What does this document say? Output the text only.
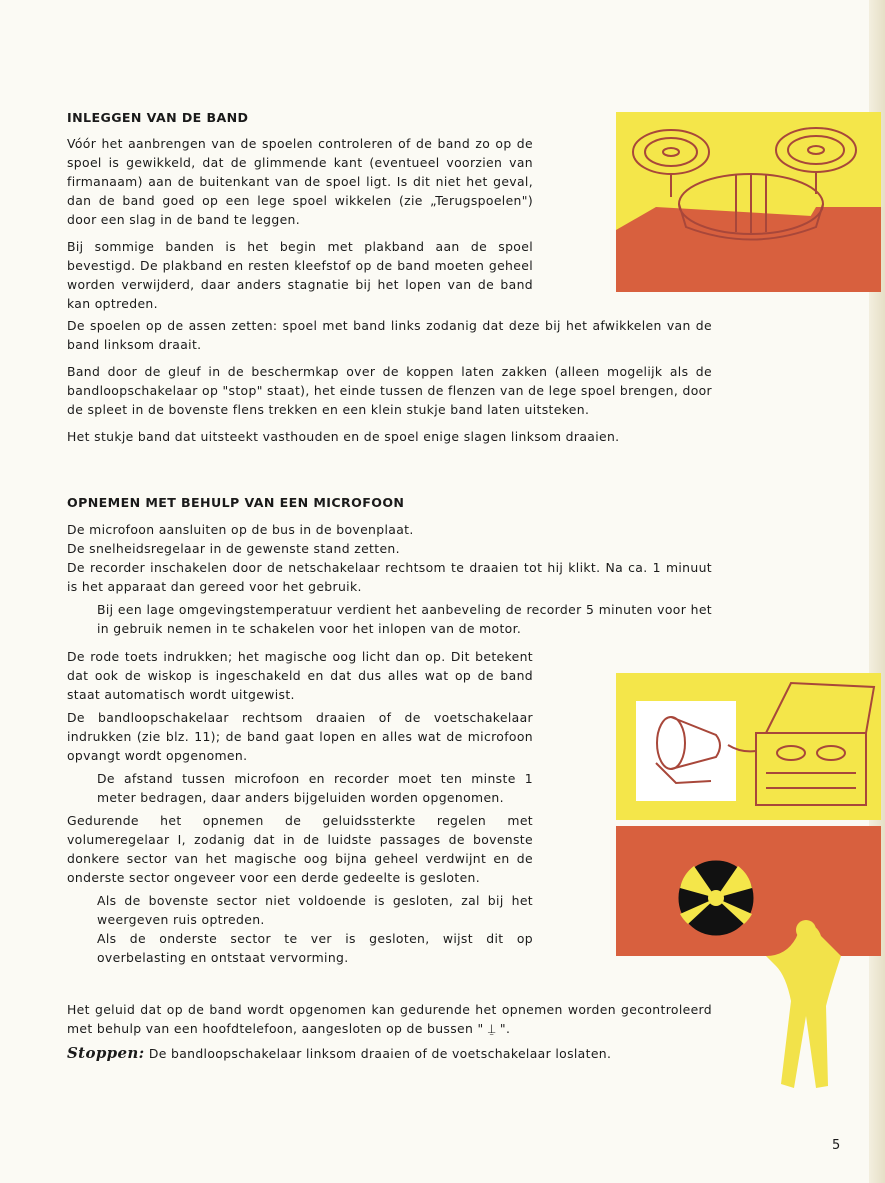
INLEGGEN VAN DE BAND

Vóór het aanbrengen van de spoelen controleren of de band zo op de spoel is gewikkeld, dat de glimmende kant (eventueel voorzien van firmanaam) aan de buitenkant van de spoel ligt. Is dit niet het geval, dan de band goed op een lege spoel wikkelen (zie „Terugspoelen") door een slag in de band te leggen.

Bij sommige banden is het begin met plakband aan de spoel bevestigd. De plakband en resten kleefstof op de band moeten geheel worden verwijderd, daar anders stagnatie bij het lopen van de band kan optreden.

De spoelen op de assen zetten: spoel met band links zodanig dat deze bij het afwikkelen van de band linksom draait.

Band door de gleuf in de beschermkap over de koppen laten zakken (alleen mogelijk als de bandloopschakelaar op "stop" staat), het einde tussen de flenzen van de lege spoel brengen, door de spleet in de bovenste flens trekken en een klein stukje band laten uitsteken.

Het stukje band dat uitsteekt vasthouden en de spoel enige slagen linksom draaien.

OPNEMEN MET BEHULP VAN EEN MICROFOON

De microfoon aansluiten op de bus in de bovenplaat.

De snelheidsregelaar in de gewenste stand zetten.

De recorder inschakelen door de netschakelaar rechtsom te draaien tot hij klikt. Na ca. 1 minuut is het apparaat dan gereed voor het gebruik.

Bij een lage omgevingstemperatuur verdient het aanbeveling de recorder 5 minuten voor het in gebruik nemen in te schakelen voor het inlopen van de motor.

De rode toets indrukken; het magische oog licht dan op. Dit betekent dat ook de wiskop is ingeschakeld en dat dus alles wat op de band staat automatisch wordt uitgewist.

De bandloopschakelaar rechtsom draaien of de voetschakelaar indrukken (zie blz. 11); de band gaat lopen en alles wat de microfoon opvangt wordt opgenomen.

De afstand tussen microfoon en recorder moet ten minste 1 meter bedragen, daar anders bijgeluiden worden opgenomen.

Gedurende het opnemen de geluidssterkte regelen met volumeregelaar I, zodanig dat in de luidste passages de bovenste donkere sector van het magische oog bijna geheel verdwijnt en de onderste sector ongeveer voor een derde gedeelte is gesloten.

Als de bovenste sector niet voldoende is gesloten, zal bij het weergeven ruis optreden.

Als de onderste sector te ver is gesloten, wijst dit op overbelasting en ontstaat vervorming.

Het geluid dat op de band wordt opgenomen kan gedurende het opnemen worden gecontroleerd met behulp van een hoofdtelefoon, aangesloten op de bussen " ⍊ ".

Stoppen: De bandloopschakelaar linksom draaien of de voetschakelaar loslaten.

5
